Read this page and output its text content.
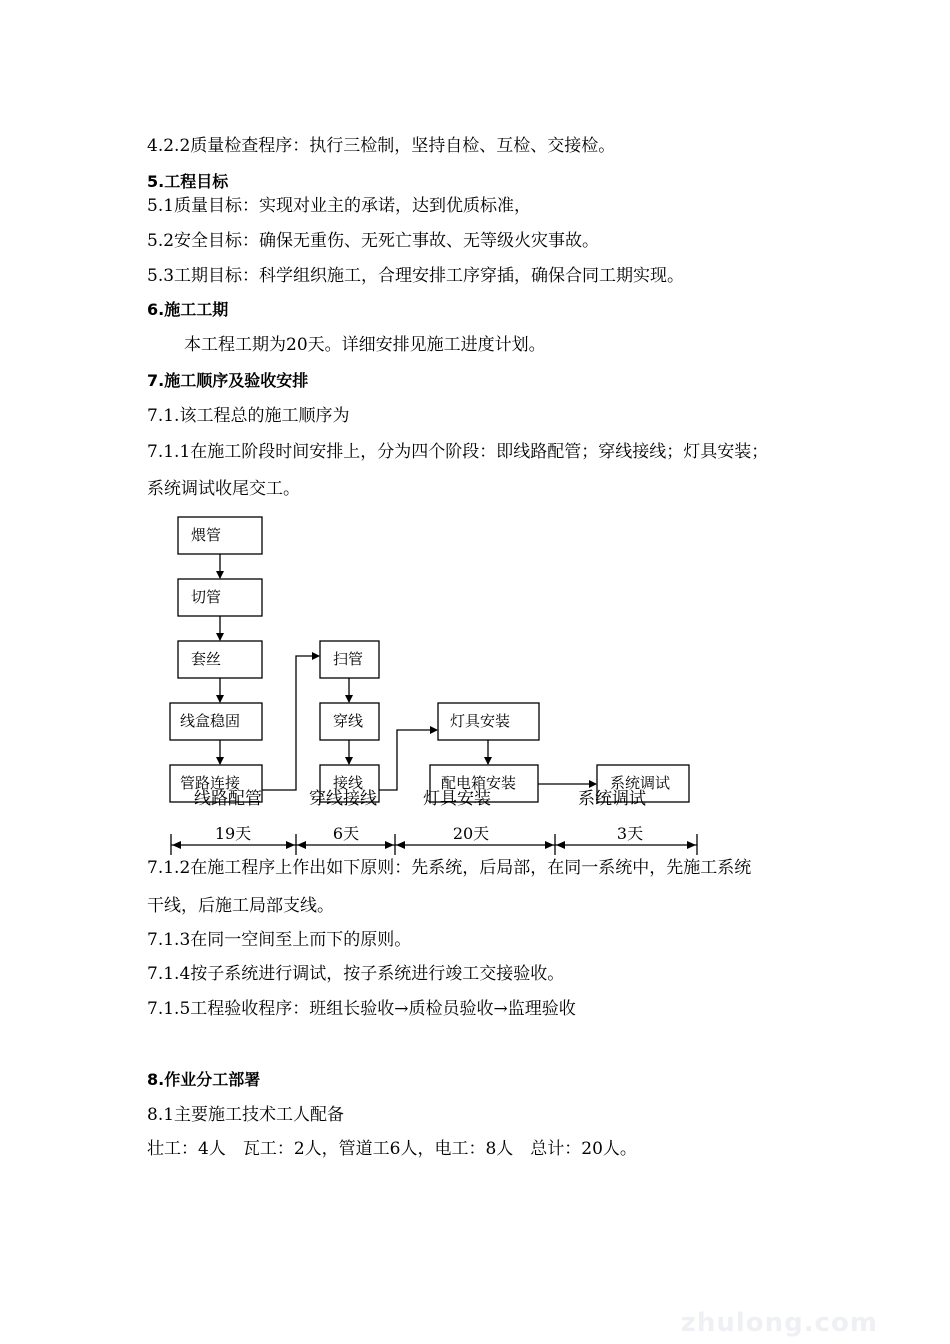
4.2.2质量检查程序：执行三检制，坚持自检、互检、交接检。
5.工程目标
5.1质量目标：实现对业主的承诺，达到优质标准，
5.2安全目标：确保无重伤、无死亡事故、无等级火灾事故。
5.3工期目标：科学组织施工，合理安排工序穿插，确保合同工期实现。
6.施工工期
本工程工期为20天。详细安排见施工进度计划。
7.施工顺序及验收安排
7.1.该工程总的施工顺序为
7.1.1在施工阶段时间安排上，分为四个阶段：即线路配管；穿线接线；灯具安装；
系统调试收尾交工。
煨管
切管
套丝
线盒稳固
管路连接
扫管
穿线
接线
灯具安装
配电箱安装	系统调试
线路配管	穿线接线	灯具安装	系统调试
19天	6天	20天	3天
7.1.2在施工程序上作出如下原则：先系统，后局部，在同一系统中，先施工系统
干线，后施工局部支线。
7.1.3在同一空间至上而下的原则。
7.1.4按子系统进行调试，按子系统进行竣工交接验收。
7.1.5工程验收程序：班组长验收→质检员验收→监理验收
8.作业分工部署
8.1主要施工技术工人配备
壮工：4人　瓦工：2人，管道工6人，电工：8人　总计：20人。
zhulong.com
